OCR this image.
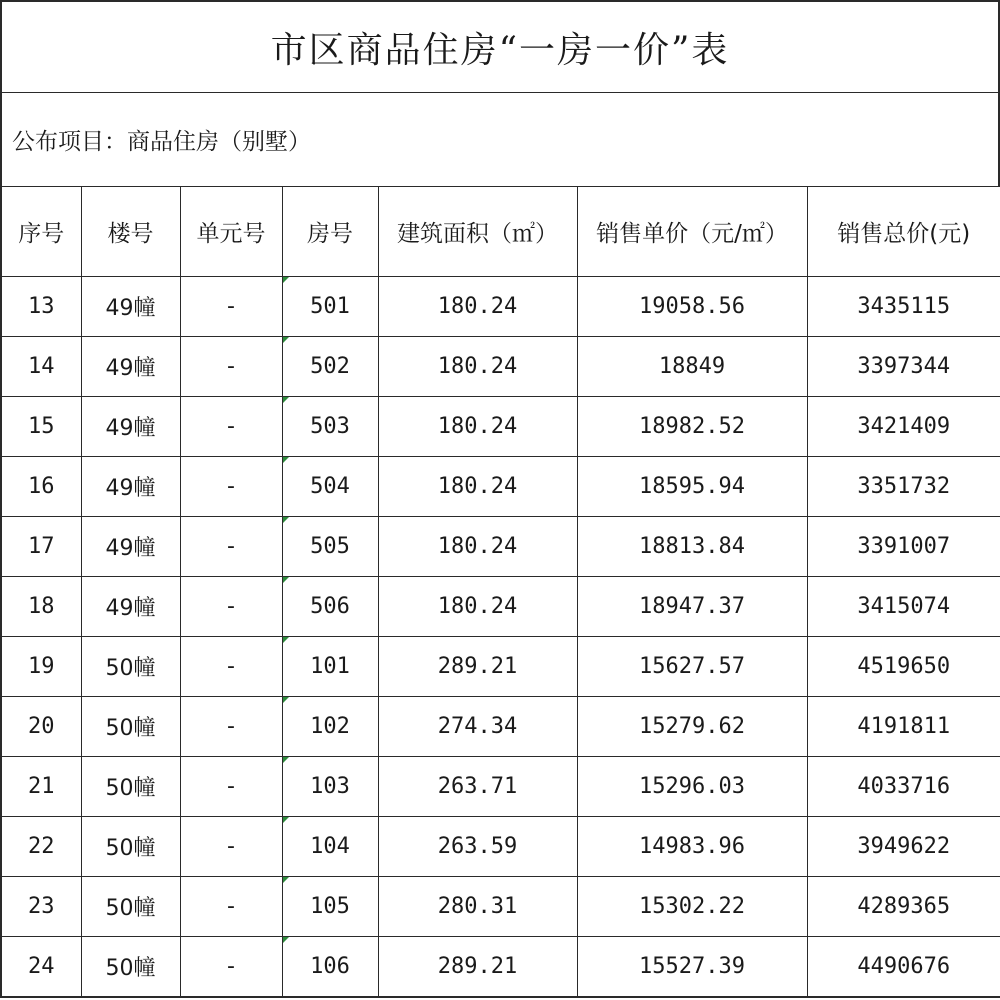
市区商品住房“一房一价”表
公布项目：商品住房（别墅）
序号	楼号	单元号	房号	建筑面积（㎡）	销售单价（元/㎡）	销售总价(元)
13	49幢	-	501	180.24	19058.56	3435115
14	49幢	-	502	180.24	18849	3397344
15	49幢	-	503	180.24	18982.52	3421409
16	49幢	-	504	180.24	18595.94	3351732
17	49幢	-	505	180.24	18813.84	3391007
18	49幢	-	506	180.24	18947.37	3415074
19	50幢	-	101	289.21	15627.57	4519650
20	50幢	-	102	274.34	15279.62	4191811
21	50幢	-	103	263.71	15296.03	4033716
22	50幢	-	104	263.59	14983.96	3949622
23	50幢	-	105	280.31	15302.22	4289365
24	50幢	-	106	289.21	15527.39	4490676
